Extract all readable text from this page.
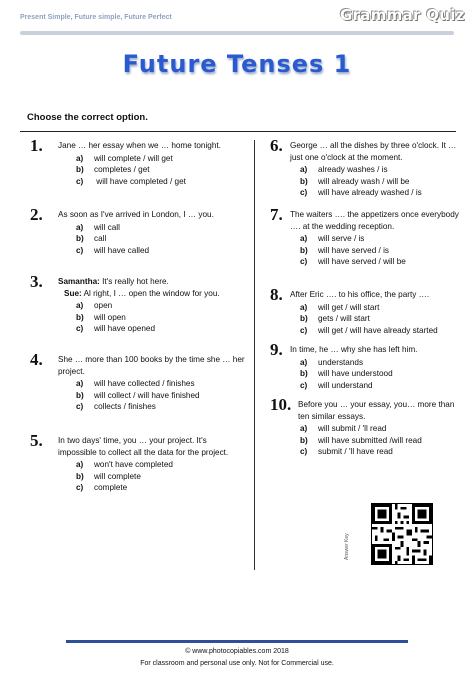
Present Simple, Future simple, Future Perfect	Grammar Quiz
Future Tenses 1
Choose the correct option.
1. Jane … her essay when we … home tonight.
a) will complete / will get
b) completes / get
c) will have completed / get
2. As soon as I've arrived in London, I … you.
a) will call
b) call
c) will have called
3. Samantha: It's really hot here.
Sue: Al right, I … open the window for you.
a) open
b) will open
c) will have opened
4. She … more than 100 books by the time she … her project.
a) will have collected / finishes
b) will collect / will have finished
c) collects / finishes
5. In two days' time, you … your project. It's impossible to collect all the data for the project.
a) won't have completed
b) will complete
c) complete
6. George … all the dishes by three o'clock. It … just one o'clock at the moment.
a) already washes / is
b) will already wash / will be
c) will have already washed / is
7. The waiters …. the appetizers once everybody …. at the wedding reception.
a) will serve / is
b) will have served / is
c) will have served / will be
8. After Eric …. to his office, the party ….
a) will get / will start
b) gets / will start
c) will get / will have already started
9. In time, he … why she has left him.
a) understands
b) will have understood
c) will understand
10. Before you … your essay, you… more than ten similar essays.
a) will submit / 'll read
b) will have submitted /will read
c) submit / 'll have read
Answer Key
© www.photocopiables.com 2018
For classroom and personal use only. Not for Commercial use.
